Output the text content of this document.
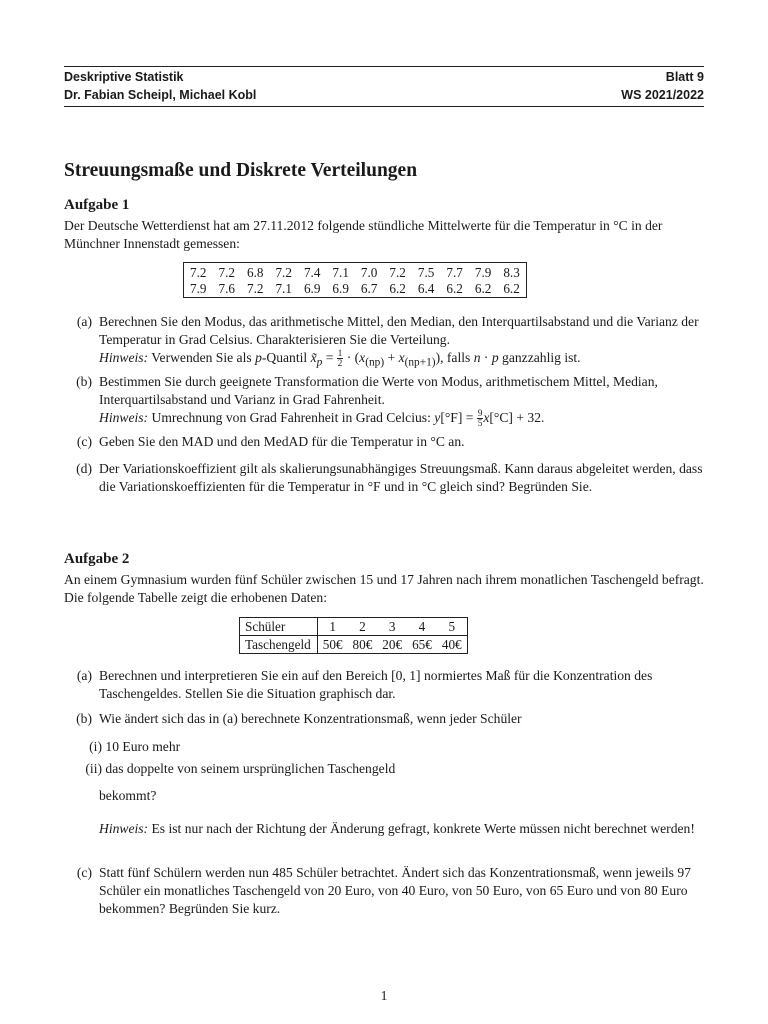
Deskriptive Statistik	Blatt 9
Dr. Fabian Scheipl, Michael Kobl	WS 2021/2022
Streuungsmaße und Diskrete Verteilungen
Aufgabe 1
Der Deutsche Wetterdienst hat am 27.11.2012 folgende stündliche Mittelwerte für die Temperatur in °C in der Münchner Innenstadt gemessen:
7.2	7.2	6.8	7.2	7.4	7.1	7.0	7.2	7.5	7.7	7.9	8.3
7.9	7.6	7.2	7.1	6.9	6.9	6.7	6.2	6.4	6.2	6.2	6.2
(a) Berechnen Sie den Modus, das arithmetische Mittel, den Median, den Interquartilsabstand und die Varianz der Temperatur in Grad Celsius. Charakterisieren Sie die Verteilung.
Hinweis: Verwenden Sie als p-Quantil $x̃_p = \frac{1}{2} \cdot (x_{(np)} + x_{(np+1)})$, falls n · p ganzzahlig ist.
(b) Bestimmen Sie durch geeignete Transformation die Werte von Modus, arithmetischem Mittel, Median, Interquartilsabstand und Varianz in Grad Fahrenheit.
Hinweis: Umrechnung von Grad Fahrenheit in Grad Celcius: $y[^\circ F] = \frac{9}{5} x[^\circ C] + 32$.
(c) Geben Sie den MAD und den MedAD für die Temperatur in °C an.
(d) Der Variationskoeffizient gilt als skalierungsunabhängiges Streuungsmaß. Kann daraus abgeleitet werden, dass die Variationskoeffizienten für die Temperatur in °F und in °C gleich sind? Begründen Sie.
Aufgabe 2
An einem Gymnasium wurden fünf Schüler zwischen 15 und 17 Jahren nach ihrem monatlichen Taschengeld befragt. Die folgende Tabelle zeigt die erhobenen Daten:
Schüler	1	2	3	4	5
Taschengeld	50€	80€	20€	65€	40€
(a) Berechnen und interpretieren Sie ein auf den Bereich [0, 1] normiertes Maß für die Konzentration des Taschengeldes. Stellen Sie die Situation graphisch dar.
(b) Wie ändert sich das in (a) berechnete Konzentrationsmaß, wenn jeder Schüler
(i) 10 Euro mehr
(ii) das doppelte von seinem ursprünglichen Taschengeld
bekommt?
Hinweis: Es ist nur nach der Richtung der Änderung gefragt, konkrete Werte müssen nicht berechnet werden!
(c) Statt fünf Schülern werden nun 485 Schüler betrachtet. Ändert sich das Konzentrationsmaß, wenn jeweils 97 Schüler ein monatliches Taschengeld von 20 Euro, von 40 Euro, von 50 Euro, von 65 Euro und von 80 Euro bekommen? Begründen Sie kurz.
1
